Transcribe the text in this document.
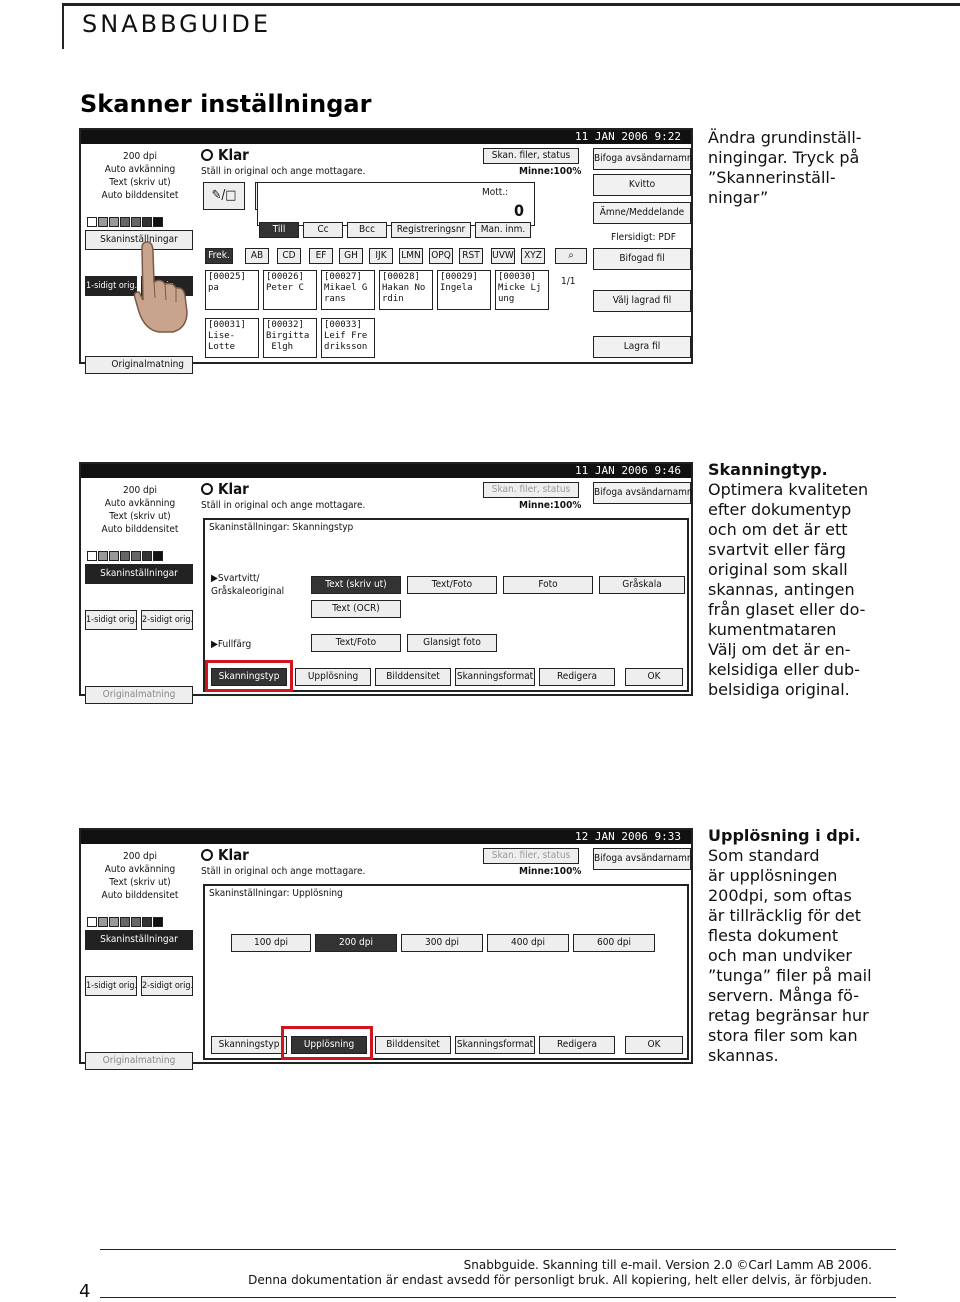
SNABBGUIDE
Skanner inställningar
11 JAN 2006 9:22
200 dpi
Auto avkänning
Text (skriv ut)
Auto bilddensitet
Skaninställningar
1-sidigt orig.
Originalmatning
Klar
Ställ in original och ange mottagare.
Skan. filer, status
Minne:100%
✎/□	Mott.:
0
Till	Cc	Bcc	Registreringsnr	Man. inm.
Frek.	AB	CD	EF	GH	IJK	LMN OPQ	RST	UVW	XYZ	⌕
[00025]
pa
[00026]
Peter C
[00027]
Mikael G
rans
[00028]
Hakan No
rdin
[00029]
Ingela
[00030]
Micke Lj
ung
[00031]
Lise-
Lotte
[00032]
Birgitta
Elgh
[00033]
Leif Fre
driksson
1/1
Bifoga avsändarnamn
Kvitto
Ämne/Meddelande
Flersidigt: PDF
Bifogad fil
Välj lagrad fil
Lagra fil
Ändra grundinställ-
ningingar. Tryck på
”Skannerinställ-
ningar”
11 JAN 2006 9:46
200 dpi
Auto avkänning
Text (skriv ut)
Auto bilddensitet
Skaninställningar
1-sidigt orig. 2-sidigt orig.
Originalmatning
Klar
Ställ in original och ange mottagare.
Skan. filer, status
Minne:100%
Bifoga avsändarnamn
Skaninställningar: Skanningstyp
▶Svartvitt/
Gråskaleoriginal
Text (skriv ut)	Text/Foto	Foto	Gråskala
Text (OCR)
▶Fullfärg	Text/Foto	Glansigt foto
Skanningstyp	Upplösning	Bilddensitet	Skanningsformat	Redigera	OK
Skanningtyp.
Optimera kvaliteten
efter dokumentyp
och om det är ett
svartvit eller färg
original som skall
skannas, antingen
från glaset eller do-
kumentmataren
Välj om det är en-
kelsidiga eller dub-
belsidiga original.
12 JAN 2006 9:33
200 dpi
Auto avkänning
Text (skriv ut)
Auto bilddensitet
Skaninställningar
1-sidigt orig. 2-sidigt orig.
Originalmatning
Klar
Ställ in original och ange mottagare.
Skan. filer, status
Minne:100%
Bifoga avsändarnamn
Skaninställningar: Upplösning
100 dpi	200 dpi	300 dpi	400 dpi	600 dpi
Skanningstyp	Upplösning	Bilddensitet	Skanningsformat	Redigera	OK
Upplösning i dpi.
Som standard
är upplösningen
200dpi, som oftas
är tillräcklig för det
flesta dokument
och man undviker
”tunga” filer på mail
servern. Många fö-
retag begränsar hur
stora filer som kan
skannas.
Snabbguide. Skanning till e-mail. Version 2.0 ©Carl Lamm AB 2006.
Denna dokumentation är endast avsedd för personligt bruk. All kopiering, helt eller delvis, är förbjuden.
4
